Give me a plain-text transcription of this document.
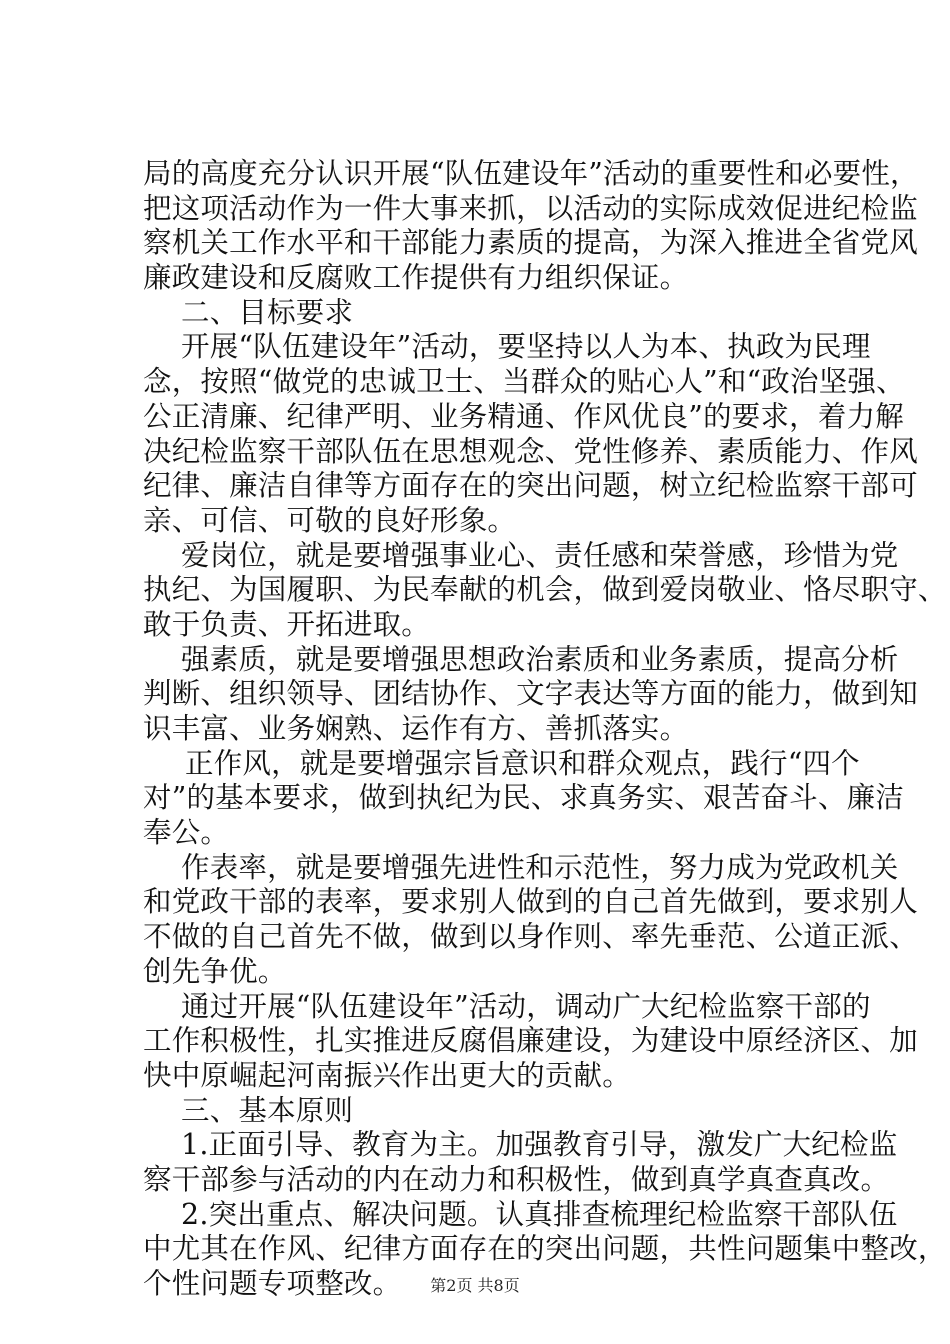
局的高度充分认识开展“队伍建设年”活动的重要性和必要性，
把这项活动作为一件大事来抓，以活动的实际成效促进纪检监
察机关工作水平和干部能力素质的提高，为深入推进全省党风
廉政建设和反腐败工作提供有力组织保证。
二、目标要求
开展“队伍建设年”活动，要坚持以人为本、执政为民理
念，按照“做党的忠诚卫士、当群众的贴心人”和“政治坚强、
公正清廉、纪律严明、业务精通、作风优良”的要求，着力解
决纪检监察干部队伍在思想观念、党性修养、素质能力、作风
纪律、廉洁自律等方面存在的突出问题，树立纪检监察干部可
亲、可信、可敬的良好形象。
爱岗位，就是要增强事业心、责任感和荣誉感，珍惜为党
执纪、为国履职、为民奉献的机会，做到爱岗敬业、恪尽职守、
敢于负责、开拓进取。
强素质，就是要增强思想政治素质和业务素质，提高分析
判断、组织领导、团结协作、文字表达等方面的能力，做到知
识丰富、业务娴熟、运作有方、善抓落实。
正作风，就是要增强宗旨意识和群众观点，践行“四个
对”的基本要求，做到执纪为民、求真务实、艰苦奋斗、廉洁
奉公。
作表率，就是要增强先进性和示范性，努力成为党政机关
和党政干部的表率，要求别人做到的自己首先做到，要求别人
不做的自己首先不做，做到以身作则、率先垂范、公道正派、
创先争优。
通过开展“队伍建设年”活动，调动广大纪检监察干部的
工作积极性，扎实推进反腐倡廉建设，为建设中原经济区、加
快中原崛起河南振兴作出更大的贡献。
三、基本原则
1.正面引导、教育为主。加强教育引导，激发广大纪检监
察干部参与活动的内在动力和积极性，做到真学真查真改。
2.突出重点、解决问题。认真排查梳理纪检监察干部队伍
中尤其在作风、纪律方面存在的突出问题，共性问题集中整改，
个性问题专项整改。	第2页 共8页
